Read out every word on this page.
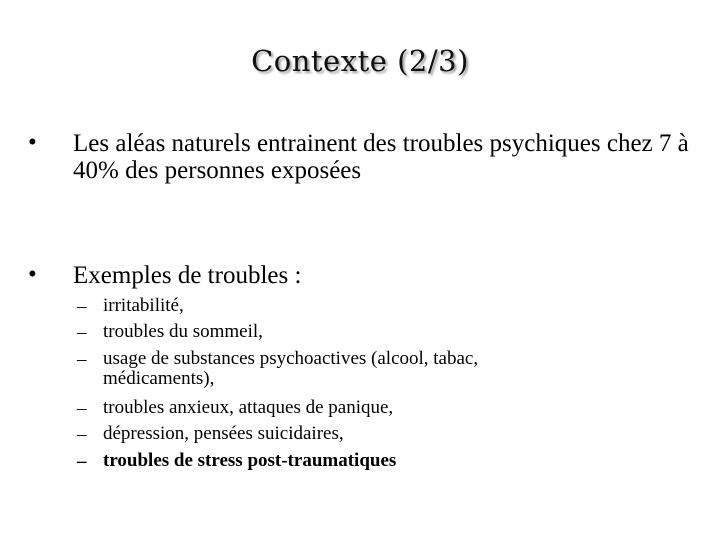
Contexte (2/3)
• Les aléas naturels entrainent des troubles psychiques chez 7 à 40% des personnes exposées
• Exemples de troubles :
– irritabilité,
– troubles du sommeil,
– usage de substances psychoactives (alcool, tabac, médicaments),
– troubles anxieux, attaques de panique,
– dépression, pensées suicidaires,
– troubles de stress post-traumatiques
